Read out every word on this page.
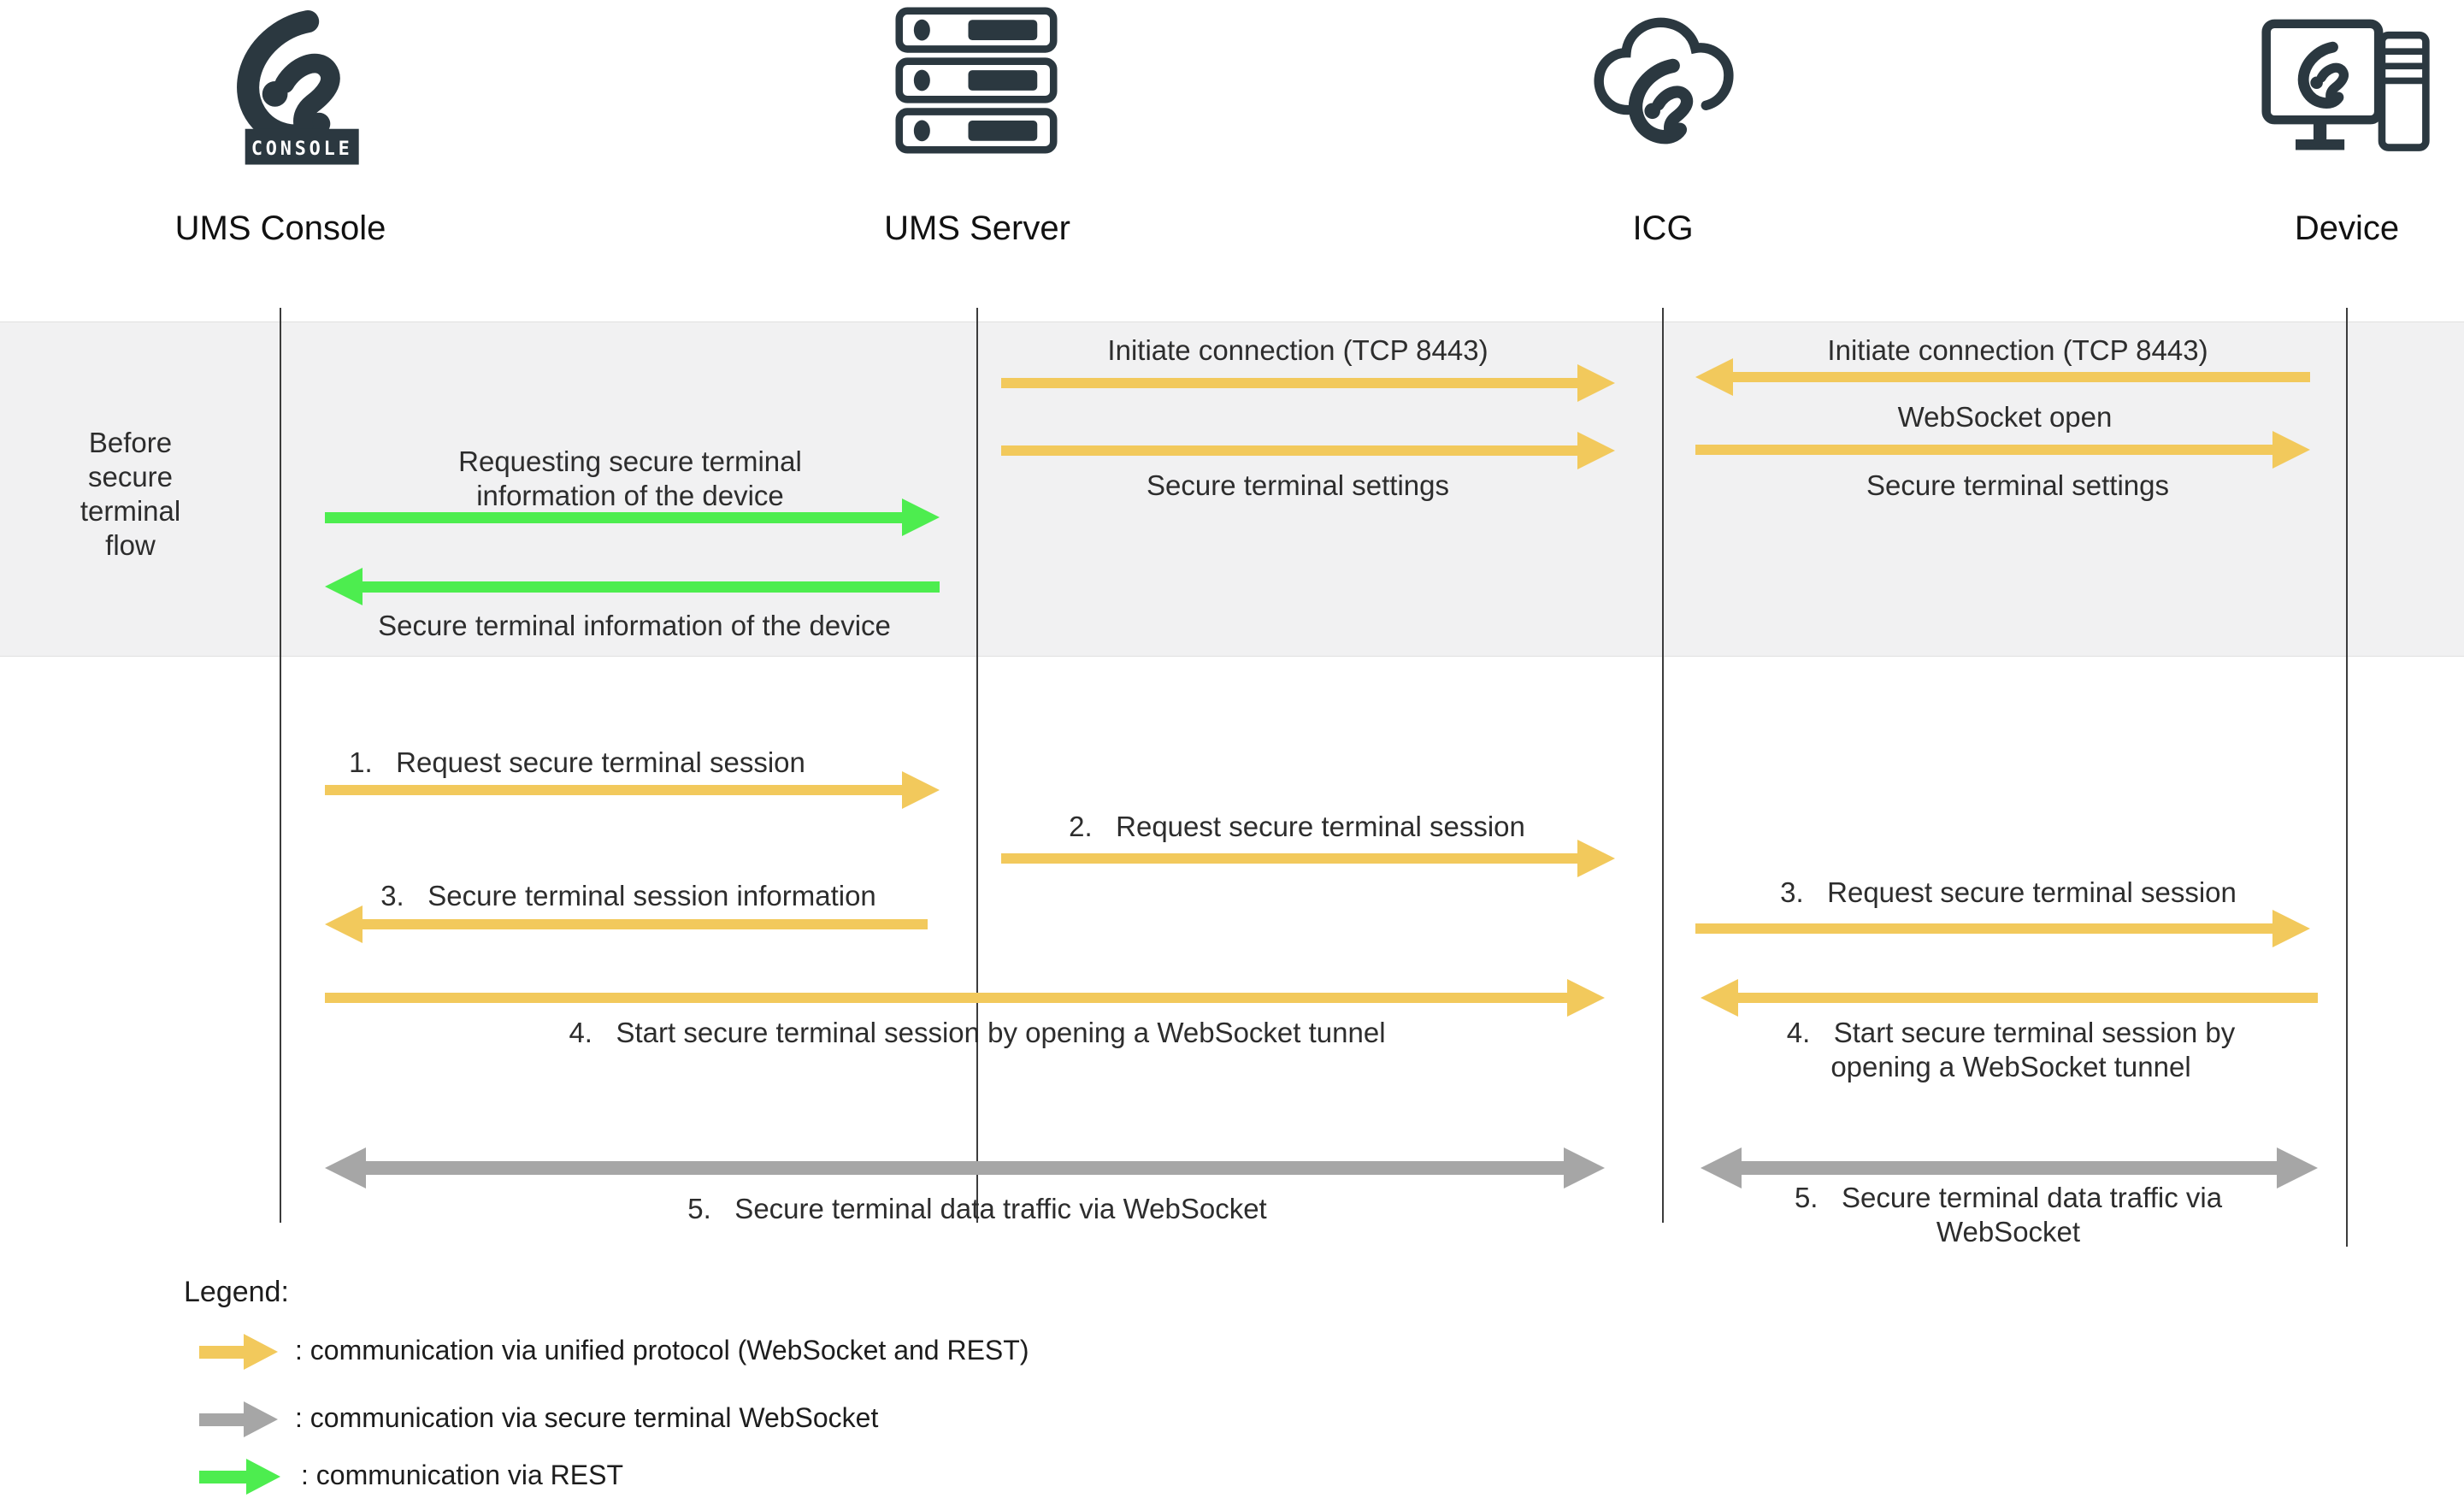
CONSOLE
UMS Console	UMS Server	ICG	Device
Before secure terminal flow
Requesting secure terminal information of the device
Secure terminal information of the device
Initiate connection (TCP 8443)
Secure terminal settings
Initiate connection (TCP 8443)
WebSocket open
Secure terminal settings
1.   Request secure terminal session
2.   Request secure terminal session
3.   Secure terminal session information	3.   Request secure terminal session
4.   Start secure terminal session by opening a WebSocket tunnel	4.   Start secure terminal session by opening a WebSocket tunnel
5.   Secure terminal data traffic via WebSocket	5.   Secure terminal data traffic via WebSocket
Legend:
: communication via unified protocol (WebSocket and REST)
: communication via secure terminal WebSocket
: communication via REST
